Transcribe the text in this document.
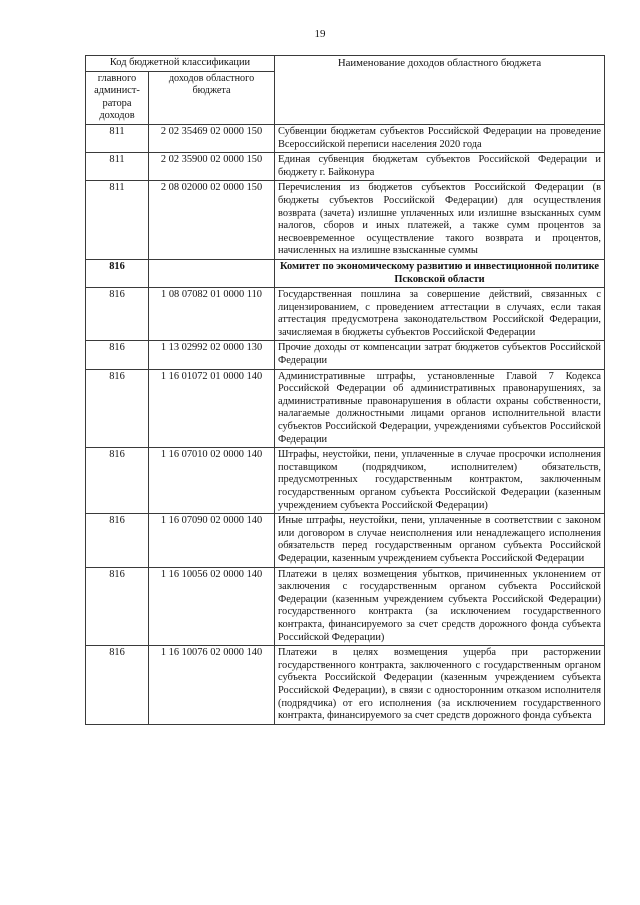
19
Код бюджетной классификации		Наименование доходов областного бюджета
главного админист-ратора доходов	доходов областного бюджета	
811	2 02 35469 02 0000 150	Субвенции бюджетам субъектов Российской Федерации на проведение Всероссийской переписи населения 2020 года
811	2 02 35900 02 0000 150	Единая субвенция бюджетам субъектов Российской Федерации и бюджету г. Байконура
811	2 08 02000 02 0000 150	Перечисления из бюджетов субъектов Российской Федерации (в бюджеты субъектов Российской Федерации) для осуществления возврата (зачета) излишне уплаченных или излишне взысканных сумм налогов, сборов и иных платежей, а также сумм процентов за несвоевременное осуществление такого возврата и процентов, начисленных на излишне взысканные суммы
816		Комитет по экономическому развитию и инвестиционной политике Псковской области
816	1 08 07082 01 0000 110	Государственная пошлина за совершение действий, связанных с лицензированием, с проведением аттестации в случаях, если такая аттестация предусмотрена законодательством Российской Федерации, зачисляемая в бюджеты субъектов Российской Федерации
816	1 13 02992 02 0000 130	Прочие доходы от компенсации затрат бюджетов субъектов Российской Федерации
816	1 16 01072 01 0000 140	Административные штрафы, установленные Главой 7 Кодекса Российской Федерации об административных правонарушениях, за административные правонарушения в области охраны собственности, налагаемые должностными лицами органов исполнительной власти субъектов Российской Федерации, учреждениями субъектов Российской Федерации
816	1 16 07010 02 0000 140	Штрафы, неустойки, пени, уплаченные в случае просрочки исполнения поставщиком (подрядчиком, исполнителем) обязательств, предусмотренных государственным контрактом, заключенным государственным органом субъекта Российской Федерации (казенным учреждением субъекта Российской Федерации)
816	1 16 07090 02 0000 140	Иные штрафы, неустойки, пени, уплаченные в соответствии с законом или договором в случае неисполнения или ненадлежащего исполнения обязательств перед государственным органом субъекта Российской Федерации, казенным учреждением субъекта Российской Федерации
816	1 16 10056 02 0000 140	Платежи в целях возмещения убытков, причиненных уклонением от заключения с государственным органом субъекта Российской Федерации (казенным учреждением субъекта Российской Федерации) государственного контракта (за исключением государственного контракта, финансируемого за счет средств дорожного фонда субъекта Российской Федерации)
816	1 16 10076 02 0000 140	Платежи в целях возмещения ущерба при расторжении государственного контракта, заключенного с государственным органом субъекта Российской Федерации (казенным учреждением субъекта Российской Федерации), в связи с односторонним отказом исполнителя (подрядчика) от его исполнения (за исключением государственного контракта, финансируемого за счет средств дорожного фонда субъекта
